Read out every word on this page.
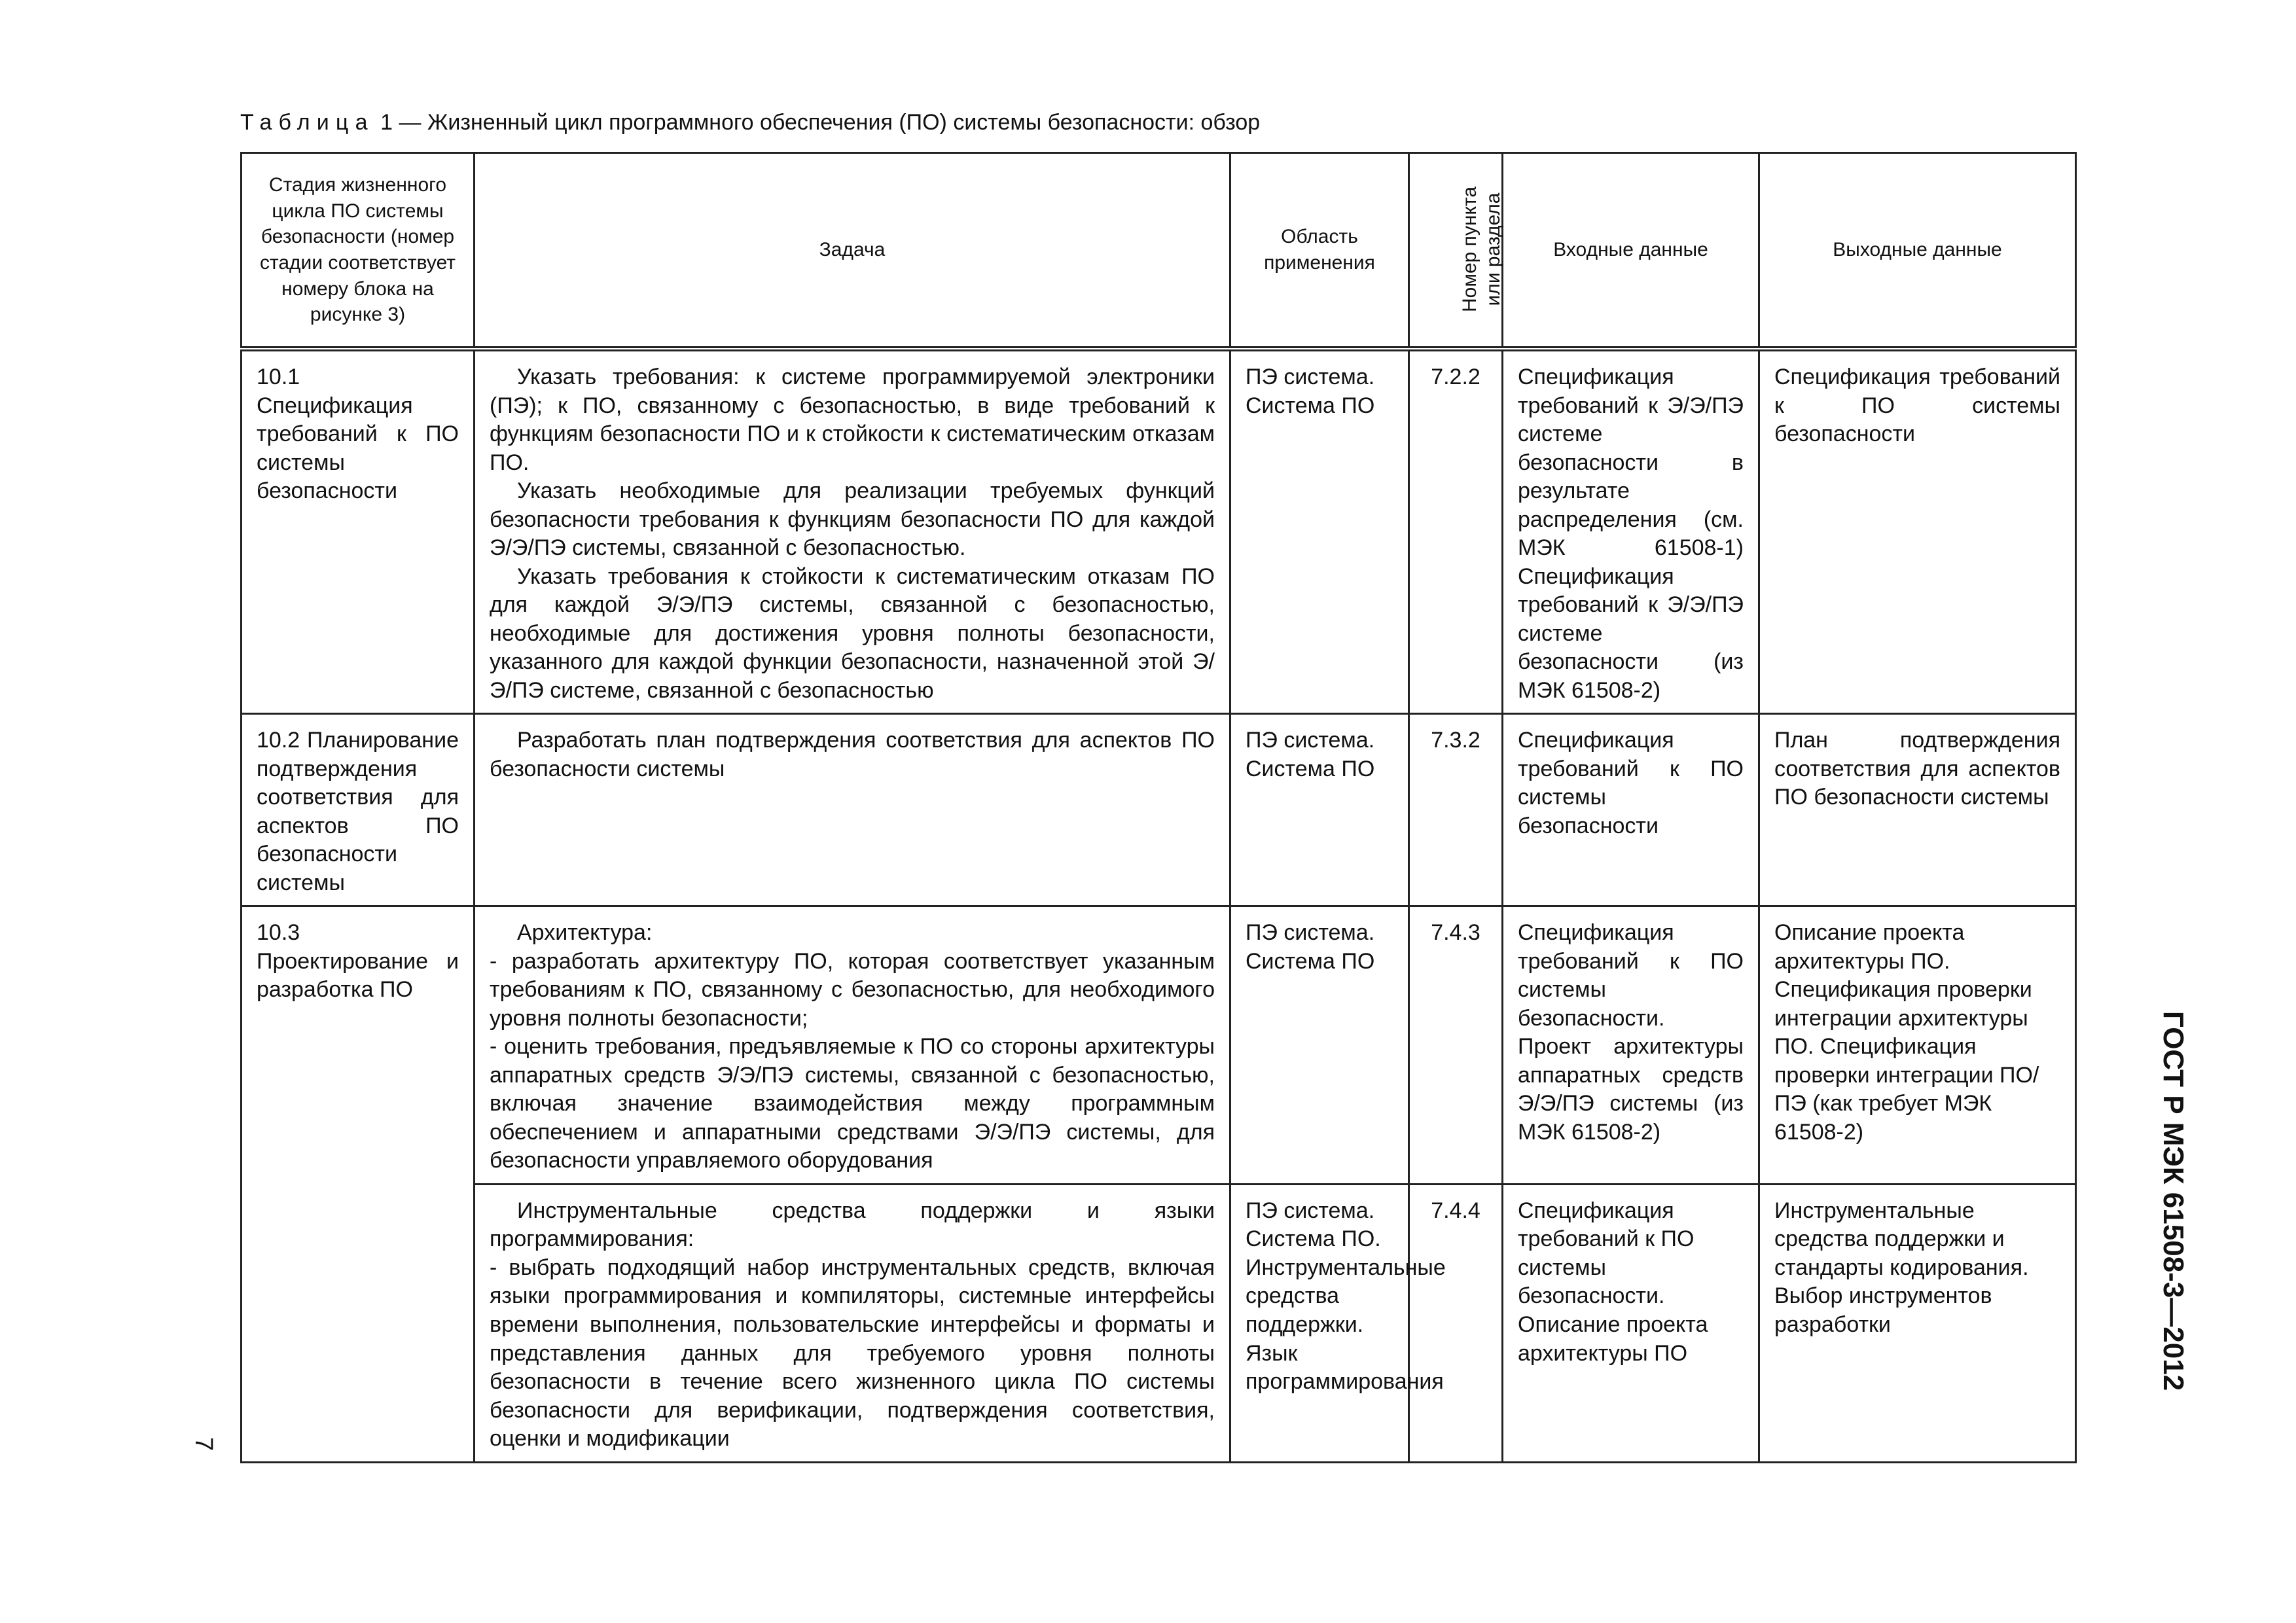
Таблица 1 — Жизненный цикл программного обеспечения (ПО) системы безопасности: обзор
Стадия жизненного цикла ПО системы безопасности (номер стадии соответствует номеру блока на рисунке 3)	Задача	Область применения	Номер пункта или раздела	Входные данные	Выходные данные
10.1 Спецификация требований к ПО системы безопасности	Указать требования: к системе программируемой электроники (ПЭ); к ПО, связанному с безопасностью, в виде требований к функциям безопасности ПО и к стойкости к систематическим отказам ПО.

Указать необходимые для реализации требуемых функций безопасности требования к функциям безопасности ПО для каждой Э/Э/ПЭ системы, связанной с безопасностью.

Указать требования к стойкости к систематическим отказам ПО для каждой Э/Э/ПЭ системы, связанной с безопасностью, необходимые для достижения уровня полноты безопасности, указанного для каждой функции безопасности, назначенной этой Э/Э/ПЭ системе, связанной с безопасностью	ПЭ система. Система ПО	7.2.2	Спецификация требований к Э/Э/ПЭ системе безопасности в результате распределения (см. МЭК 61508-1) Спецификация требований к Э/Э/ПЭ системе безопасности (из МЭК 61508-2)	Спецификация требований к ПО системы безопасности
10.2 Планирование подтверждения соответствия для аспектов ПО безопасности системы	Разработать план подтверждения соответствия для аспектов ПО безопасности системы	ПЭ система. Система ПО	7.3.2	Спецификация требований к ПО системы безопасности	План подтверждения соответствия для аспектов ПО безопасности системы
10.3 Проектирование и разработка ПО	Архитектура:

- разработать архитектуру ПО, которая соответствует указанным требованиям к ПО, связанному с безопасностью, для необходимого уровня полноты безопасности;

- оценить требования, предъявляемые к ПО со стороны архитектуры аппаратных средств Э/Э/ПЭ системы, связанной с безопасностью, включая значение взаимодействия между программным обеспечением и аппаратными средствами Э/Э/ПЭ системы, для безопасности управляемого оборудования	ПЭ система. Система ПО	7.4.3	Спецификация требований к ПО системы безопасности. Проект архитектуры аппаратных средств Э/Э/ПЭ системы (из МЭК 61508-2)	Описание проекта архитектуры ПО. Спецификация проверки интеграции архитектуры ПО. Спецификация проверки интеграции ПО/ПЭ (как требует МЭК 61508-2)

	Инструментальные средства поддержки и языки программирования:

- выбрать подходящий набор инструментальных средств, включая языки программирования и компиляторы, системные интерфейсы времени выполнения, пользовательские интерфейсы и форматы и представления данных для требуемого уровня полноты безопасности в течение всего жизненного цикла ПО системы безопасности для верификации, подтверждения соответствия, оценки и модификации	ПЭ система. Система ПО. Инструментальные средства поддержки. Язык программирования	7.4.4	Спецификация требований к ПО системы безопасности. Описание проекта архитектуры ПО	Инструментальные средства поддержки и стандарты кодирования. Выбор инструментов разработки
7
ГОСТ Р МЭК 61508-3—2012
